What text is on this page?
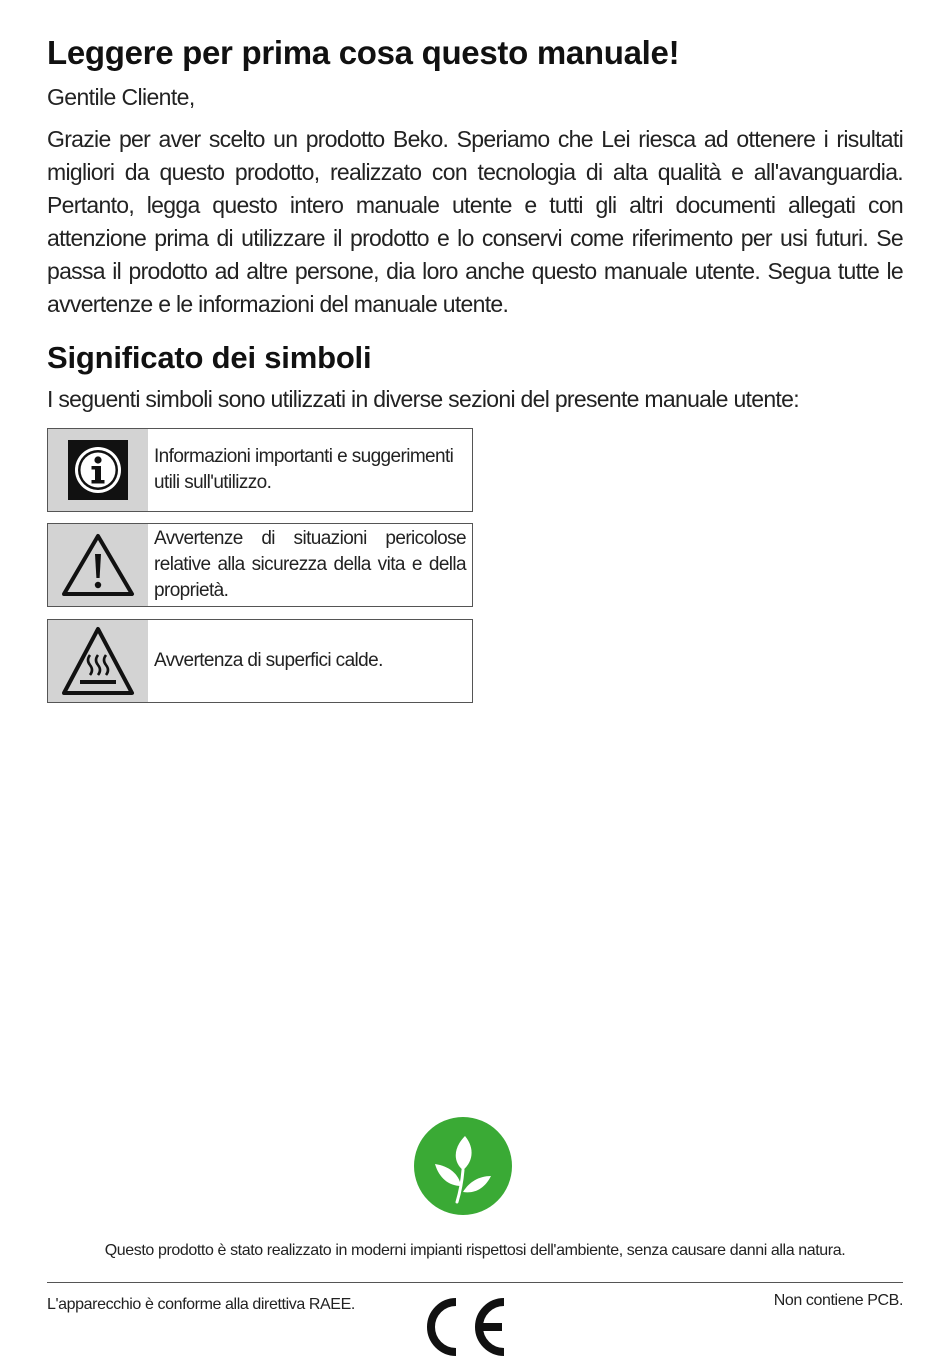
Leggere per prima cosa questo manuale!

Gentile Cliente,

Grazie per aver scelto un prodotto Beko. Speriamo che Lei riesca ad ottenere i risultati migliori da questo prodotto, realizzato con tecnologia di alta qualità e all'avanguardia. Pertanto, legga questo intero manuale utente e tutti gli altri documenti allegati con attenzione prima di utilizzare il prodotto e lo conservi come riferimento per usi futuri. Se passa il prodotto ad altre persone, dia loro anche questo manuale utente. Segua tutte le avvertenze e le informazioni del manuale utente.

Significato dei simboli

I seguenti simboli sono utilizzati in diverse sezioni del presente manuale utente:

Informazioni importanti e suggerimenti utili sull'utilizzo.
Avvertenze di situazioni pericolose relative alla sicurezza della vita e della proprietà.
Avvertenza di superfici calde.

Questo prodotto è stato realizzato in moderni impianti rispettosi dell'ambiente, senza causare danni alla natura.

L'apparecchio è conforme alla direttiva RAEE.	Non contiene PCB.
